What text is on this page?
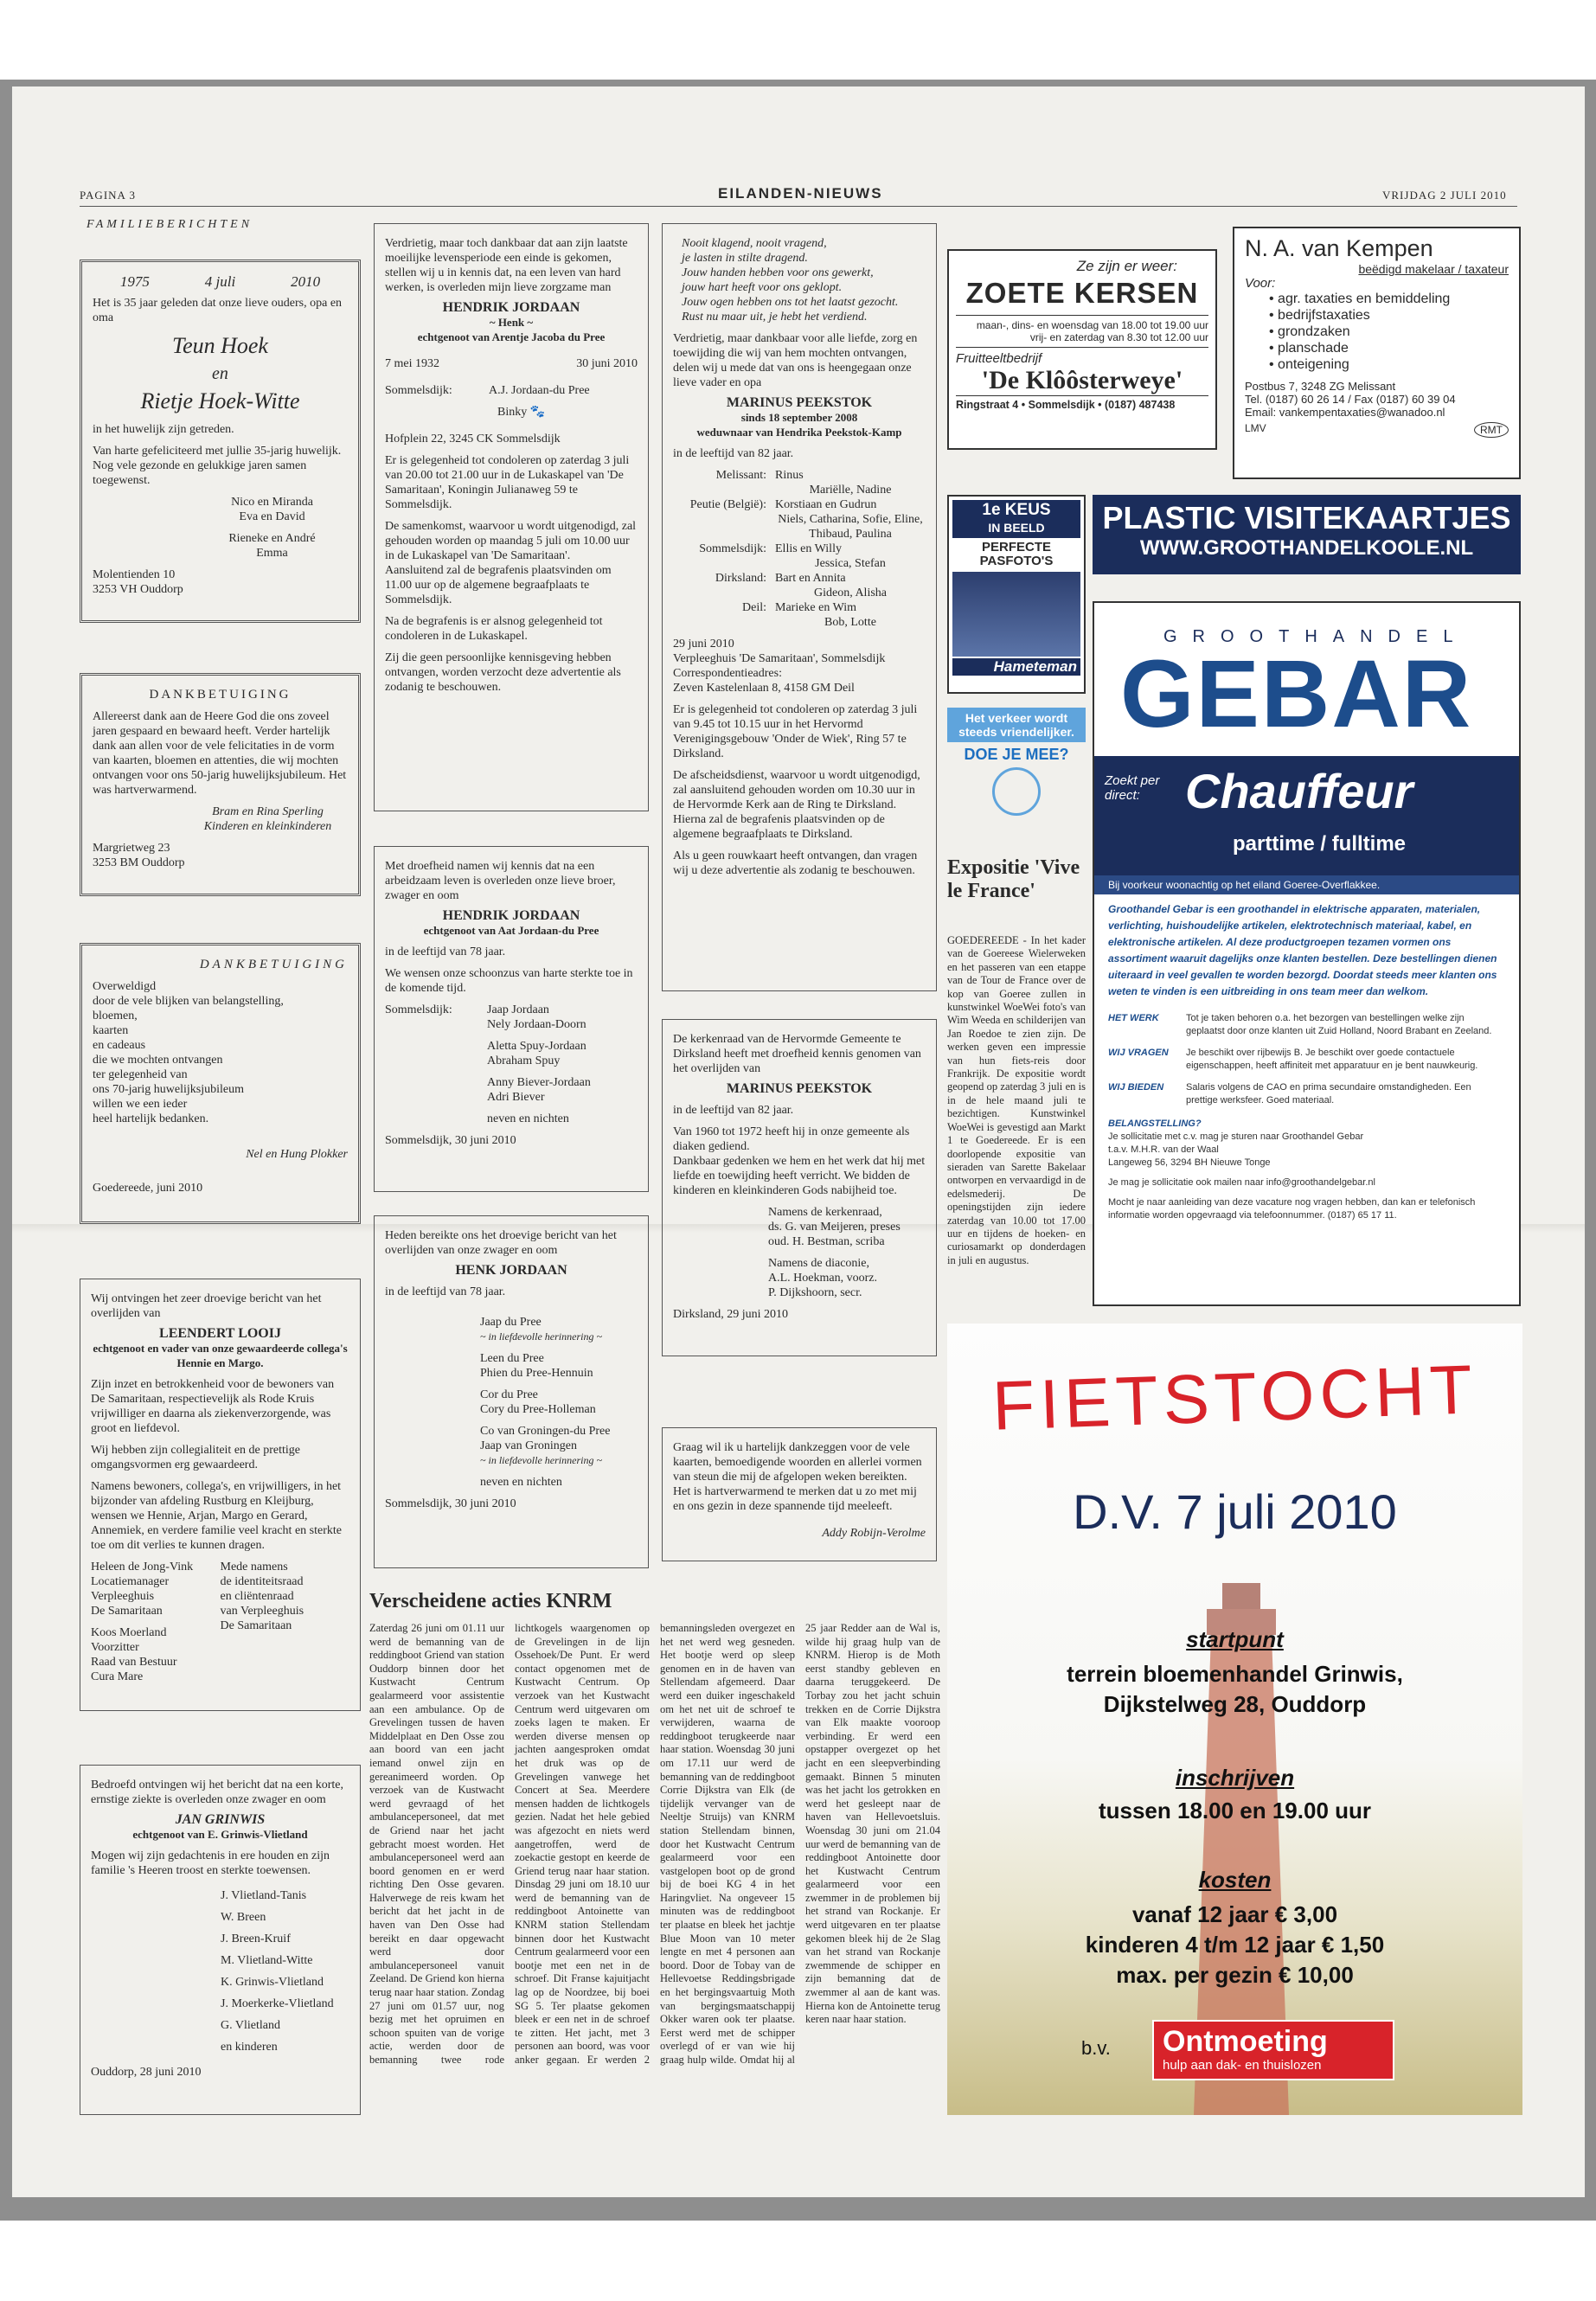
PAGINA 3	EILANDEN-NIEUWS	VRIJDAG 2 JULI 2010
FAMILIEBERICHTEN
1975	4 juli	2010
Het is 35 jaar geleden dat onze lieve ouders, opa en oma
Teun Hoek
en
Rietje Hoek-Witte
in het huwelijk zijn getreden.
Van harte gefeliciteerd met jullie 35-jarig huwelijk. Nog vele gezonde en gelukkige jaren samen toegewenst.
Nico en Miranda
Eva en David
Rieneke en André
Emma
Molentienden 10
3253 VH Ouddorp
DANKBETUIGING
Allereerst dank aan de Heere God die ons zoveel jaren gespaard en bewaard heeft. Verder hartelijk dank aan allen voor de vele felicitaties in de vorm van kaarten, bloemen en attenties, die wij mochten ontvangen voor ons 50-jarig huwelijksjubileum. Het was hartverwarmend.
Bram en Rina Sperling
Kinderen en kleinkinderen
Margrietweg 23
3253 BM Ouddorp
DANKBETUIGING
Overweldigd
door de vele blijken van belangstelling,
bloemen,
kaarten
en cadeaus
die we mochten ontvangen
ter gelegenheid van
ons 70-jarig huwelijksjubileum
willen we een ieder
heel hartelijk bedanken.
Nel en Hung Plokker
Goedereede, juni 2010
Wij ontvingen het zeer droevige bericht van het overlijden van
LEENDERT LOOIJ
echtgenoot en vader van onze gewaardeerde collega's Hennie en Margo.
Zijn inzet en betrokkenheid voor de bewoners van De Samaritaan, respectievelijk als Rode Kruis vrijwilliger en daarna als ziekenverzorgende, was groot en liefdevol.
Wij hebben zijn collegialiteit en de prettige omgangsvormen erg gewaardeerd.
Namens bewoners, collega's, en vrijwilligers, in het bijzonder van afdeling Rustburg en Kleijburg, wensen we Hennie, Arjan, Margo en Gerard, Annemiek, en verdere familie veel kracht en sterkte toe om dit verlies te kunnen dragen.
Heleen de Jong-Vink
Locatiemanager
Verpleeghuis
De Samaritaan
Koos Moerland
Voorzitter
Raad van Bestuur
Cura Mare
Mede namens
de identiteitsraad
en cliëntenraad
van Verpleeghuis
De Samaritaan
Bedroefd ontvingen wij het bericht dat na een korte, ernstige ziekte is overleden onze zwager en oom
JAN GRINWIS
echtgenoot van E. Grinwis-Vlietland
Mogen wij zijn gedachtenis in ere houden en zijn familie 's Heeren troost en sterkte toewensen.
J. Vlietland-Tanis
W. Breen
J. Breen-Kruif
M. Vlietland-Witte
K. Grinwis-Vlietland
J. Moerkerke-Vlietland
G. Vlietland
en kinderen
Ouddorp, 28 juni 2010
Verdrietig, maar toch dankbaar dat aan zijn laatste moeilijke levensperiode een einde is gekomen, stellen wij u in kennis dat, na een leven van hard werken, is overleden mijn lieve zorgzame man
HENDRIK JORDAAN
~ Henk ~
echtgenoot van Arentje Jacoba du Pree
7 mei 1932	30 juni 2010
Sommelsdijk:	A.J. Jordaan-du Pree
Binky 🐾
Hofplein 22, 3245 CK Sommelsdijk
Er is gelegenheid tot condoleren op zaterdag 3 juli van 20.00 tot 21.00 uur in de Lukaskapel van 'De Samaritaan', Koningin Julianaweg 59 te Sommelsdijk.
De samenkomst, waarvoor u wordt uitgenodigd, zal gehouden worden op maandag 5 juli om 10.00 uur in de Lukaskapel van 'De Samaritaan'.
Aansluitend zal de begrafenis plaatsvinden om 11.00 uur op de algemene begraafplaats te Sommelsdijk.
Na de begrafenis is er alsnog gelegenheid tot condoleren in de Lukaskapel.
Zij die geen persoonlijke kennisgeving hebben ontvangen, worden verzocht deze advertentie als zodanig te beschouwen.
Met droefheid namen wij kennis dat na een arbeidzaam leven is overleden onze lieve broer, zwager en oom
HENDRIK JORDAAN
echtgenoot van Aat Jordaan-du Pree
in de leeftijd van 78 jaar.
We wensen onze schoonzus van harte sterkte toe in de komende tijd.
Sommelsdijk:	Jaap Jordaan
Nely Jordaan-Doorn
Aletta Spuy-Jordaan
Abraham Spuy
Anny Biever-Jordaan
Adri Biever
neven en nichten
Sommelsdijk, 30 juni 2010
Heden bereikte ons het droevige bericht van het overlijden van onze zwager en oom
HENK JORDAAN
in de leeftijd van 78 jaar.
Jaap du Pree
~ in liefdevolle herinnering ~
Leen du Pree
Phien du Pree-Hennuin
Cor du Pree
Cory du Pree-Holleman
Co van Groningen-du Pree
Jaap van Groningen
~ in liefdevolle herinnering ~
neven en nichten
Sommelsdijk, 30 juni 2010
Nooit klagend, nooit vragend,
je lasten in stilte dragend.
Jouw handen hebben voor ons gewerkt,
jouw hart heeft voor ons geklopt.
Jouw ogen hebben ons tot het laatst gezocht.
Rust nu maar uit, je hebt het verdiend.
Verdrietig, maar dankbaar voor alle liefde, zorg en toewijding die wij van hem mochten ontvangen, delen wij u mede dat van ons is heengegaan onze lieve vader en opa
MARINUS PEEKSTOK
sinds 18 september 2008
weduwnaar van Hendrika Peekstok-Kamp
in de leeftijd van 82 jaar.
Melissant: Rinus
Mariëlle, Nadine
Peutie (België): Korstiaan en Gudrun
Niels, Catharina, Sofie, Eline, Thibaud, Paulina
Sommelsdijk: Ellis en Willy
Jessica, Stefan
Dirksland: Bart en Annita
Gideon, Alisha
Deil: Marieke en Wim
Bob, Lotte
29 juni 2010
Verpleeghuis 'De Samaritaan', Sommelsdijk
Correspondentieadres:
Zeven Kastelenlaan 8, 4158 GM Deil
Er is gelegenheid tot condoleren op zaterdag 3 juli van 9.45 tot 10.15 uur in het Hervormd Verenigingsgebouw 'Onder de Wiek', Ring 57 te Dirksland.
De afscheidsdienst, waarvoor u wordt uitgenodigd, zal aansluitend gehouden worden om 10.30 uur in de Hervormde Kerk aan de Ring te Dirksland.
Hierna zal de begrafenis plaatsvinden op de algemene begraafplaats te Dirksland.
Als u geen rouwkaart heeft ontvangen, dan vragen wij u deze advertentie als zodanig te beschouwen.
De kerkenraad van de Hervormde Gemeente te Dirksland heeft met droefheid kennis genomen van het overlijden van
MARINUS PEEKSTOK
in de leeftijd van 82 jaar.
Van 1960 tot 1972 heeft hij in onze gemeente als diaken gediend.
Dankbaar gedenken we hem en het werk dat hij met liefde en toewijding heeft verricht. We bidden de kinderen en kleinkinderen Gods nabijheid toe.
Namens de kerkenraad,
ds. G. van Meijeren, preses
oud. H. Bestman, scriba
Namens de diaconie,
A.L. Hoekman, voorz.
P. Dijkshoorn, secr.
Dirksland, 29 juni 2010
Graag wil ik u hartelijk dankzeggen voor de vele kaarten, bemoedigende woorden en allerlei vormen van steun die mij de afgelopen weken bereikten. Het is hartverwarmend te merken dat u zo met mij en ons gezin in deze spannende tijd meeleeft.
Addy Robijn-Verolme
Verscheidene acties KNRM
Zaterdag 26 juni om 01.11 uur werd de bemanning van de reddingboot Griend van station Ouddorp binnen door het Kustwacht Centrum gealarmeerd voor assistentie aan een ambulance. Op de Grevelingen tussen de haven Middelplaat en Den Osse zou aan boord van een jacht iemand onwel zijn en gereanimeerd worden. Op verzoek van de Kustwacht werd gevraagd of het ambulancepersoneel, dat met de Griend naar het jacht gebracht moest worden. Het ambulancepersoneel werd aan boord genomen en er werd richting Den Osse gevaren. Halverwege de reis kwam het bericht dat het jacht in de haven van Den Osse had bereikt en daar opgewacht werd door ambulancepersoneel vanuit Zeeland. De Griend kon hierna terug naar haar station. Zondag 27 juni om 01.57 uur, nog bezig met het opruimen en schoon spuiten van de vorige actie, werden door de bemanning twee rode lichtkogels waargenomen op de Grevelingen in de lijn Ossehoek/De Punt. Er werd contact opgenomen met de Kustwacht Centrum. Op verzoek van het Kustwacht Centrum werd uitgevaren om zoeks lagen te maken. Er werden diverse mensen op jachten aangesproken omdat het druk was op de Grevelingen vanwege het Concert at Sea. Meerdere mensen hadden de lichtkogels gezien. Nadat het hele gebied was afgezocht en niets werd aangetroffen, werd de zoekactie gestopt en keerde de Griend terug naar haar station. Dinsdag 29 juni om 18.10 uur werd de bemanning van de reddingboot Antoinette van KNRM station Stellendam binnen door het Kustwacht Centrum gealarmeerd voor een bootje met een net in de schroef. Dit Franse kajuitjacht lag op de Noordzee, bij boei SG 5. Ter plaatse gekomen bleek er een net in de schroef te zitten. Het jacht, met 3 personen aan boord, was voor anker gegaan. Er werden 2 bemanningsleden overgezet en het net werd weg gesneden. Het bootje werd op sleep genomen en in de haven van Stellendam afgemeerd. Daar werd een duiker ingeschakeld om het net uit de schroef te verwijderen, waarna de reddingboot terugkeerde naar haar station. Woensdag 30 juni om 17.11 uur werd de bemanning van de reddingboot Corrie Dijkstra van Elk (de tijdelijk vervanger van de Neeltje Struijs) van KNRM station Stellendam binnen, door het Kustwacht Centrum gealarmeerd voor een vastgelopen boot op de grond bij de boei KG 4 in het Haringvliet. Na ongeveer 15 minuten was de reddingboot ter plaatse en bleek het jachtje Blue Moon van 10 meter lengte en met 4 personen aan boord. Door de Tobay van de Hellevoetse Reddingsbrigade en het bergingsvaartuig Moth van bergingsmaatschappij Okker waren ook ter plaatse. Eerst werd met de schipper overlegd of er van wie hij graag hulp wilde. Omdat hij al 25 jaar Redder aan de Wal is, wilde hij graag hulp van de KNRM. Hierop is de Moth eerst standby gebleven en daarna teruggekeerd. De Torbay zou het jacht schuin trekken en de Corrie Dijkstra van Elk maakte vooroop verbinding. Er werd een opstapper overgezet op het jacht en een sleepverbinding gemaakt. Binnen 5 minuten was het jacht los getrokken en werd het gesleept naar de haven van Hellevoetsluis. Woensdag 30 juni om 21.04 uur werd de bemanning van de reddingboot Antoinette door het Kustwacht Centrum gealarmeerd voor een zwemmer in de problemen bij het strand van Rockanje. Er werd uitgevaren en ter plaatse gekomen bleek hij de 2e Slag van het strand van Rockanje zwemmende de schipper en zijn bemanning dat de zwemmer al aan de kant was. Hierna kon de Antoinette terug keren naar haar station.
Ze zijn er weer:
ZOETE KERSEN
maan-, dins- en woensdag van 18.00 tot 19.00 uur
vrij- en zaterdag van 8.30 tot 12.00 uur
Fruitteeltbedrijf
'De Klôôsterweye'
Ringstraat 4 • Sommelsdijk • (0187) 487438
N. A. van Kempen
beëdigd makelaar / taxateur
Voor:
• agr. taxaties en bemiddeling
• bedrijfstaxaties
• grondzaken
• planschade
• onteigening
Postbus 7, 3248 ZG Melissant
Tel. (0187) 60 26 14 / Fax (0187) 60 39 04
Email: vankempentaxaties@wanadoo.nl
LMV	RMT
1e KEUS
IN BEELD
PERFECTE
PASFOTO'S
Hameteman
Het verkeer wordt steeds vriendelijker.
DOE JE MEE?
PLASTIC VISITEKAARTJES
WWW.GROOTHANDELKOOLE.NL
GROOTHANDEL
GEBAR
Zoekt per direct: Chauffeur
parttime / fulltime
Bij voorkeur woonachtig op het eiland Goeree-Overflakkee.
Groothandel Gebar is een groothandel in elektrische apparaten, materialen, verlichting, huishoudelijke artikelen, elektrotechnisch materiaal, kabel, en elektronische artikelen. Al deze productgroepen tezamen vormen ons assortiment waaruit dagelijks onze klanten bestellen. Deze bestellingen dienen uiteraard in veel gevallen te worden bezorgd. Doordat steeds meer klanten ons weten te vinden is een uitbreiding in ons team meer dan welkom.
HET WERK	Tot je taken behoren o.a. het bezorgen van bestellingen welke zijn geplaatst door onze klanten uit Zuid Holland, Noord Brabant en Zeeland.
WIJ VRAGEN	Je beschikt over rijbewijs B. Je beschikt over goede contactuele eigenschappen, heeft affiniteit met apparatuur en je bent nauwkeurig.
WIJ BIEDEN	Salaris volgens de CAO en prima secundaire omstandigheden. Een prettige werksfeer. Goed materiaal.
BELANGSTELLING?
Je sollicitatie met c.v. mag je sturen naar Groothandel Gebar
t.a.v. M.H.R. van der Waal
Langeweg 56, 3294 BH Nieuwe Tonge
Je mag je sollicitatie ook mailen naar info@groothandelgebar.nl
Mocht je naar aanleiding van deze vacature nog vragen hebben, dan kan er telefonisch informatie worden opgevraagd via telefoonnummer. (0187) 65 17 11.
Expositie 'Vive le France'
GOEDEREEDE - In het kader van de Goereese Wielerweken en het passeren van een etappe van de Tour de France over de kop van Goeree zullen in kunstwinkel WoeWei foto's van Wim Weeda en schilderijen van Jan Roedoe te zien zijn. De werken geven een impressie van hun fiets-reis door Frankrijk. De expositie wordt geopend op zaterdag 3 juli en is in de hele maand juli te bezichtigen. Kunstwinkel WoeWei is gevestigd aan Markt 1 te Goedereede. Er is een doorlopende expositie van sieraden van Sarette Bakelaar ontworpen en vervaardigd in de edelsmederij. De openingstijden zijn iedere zaterdag van 10.00 tot 17.00 uur en tijdens de hoeken- en curiosamarkt op donderdagen in juli en augustus.
FIETSTOCHT
D.V. 7 juli 2010
startpunt
terrein bloemenhandel Grinwis,
Dijkstelweg 28, Ouddorp
inschrijven
tussen 18.00 en 19.00 uur
kosten
vanaf 12 jaar € 3,00
kinderen 4 t/m 12 jaar € 1,50
max. per gezin € 10,00
b.v. Ontmoeting
hulp aan dak- en thuislozen
